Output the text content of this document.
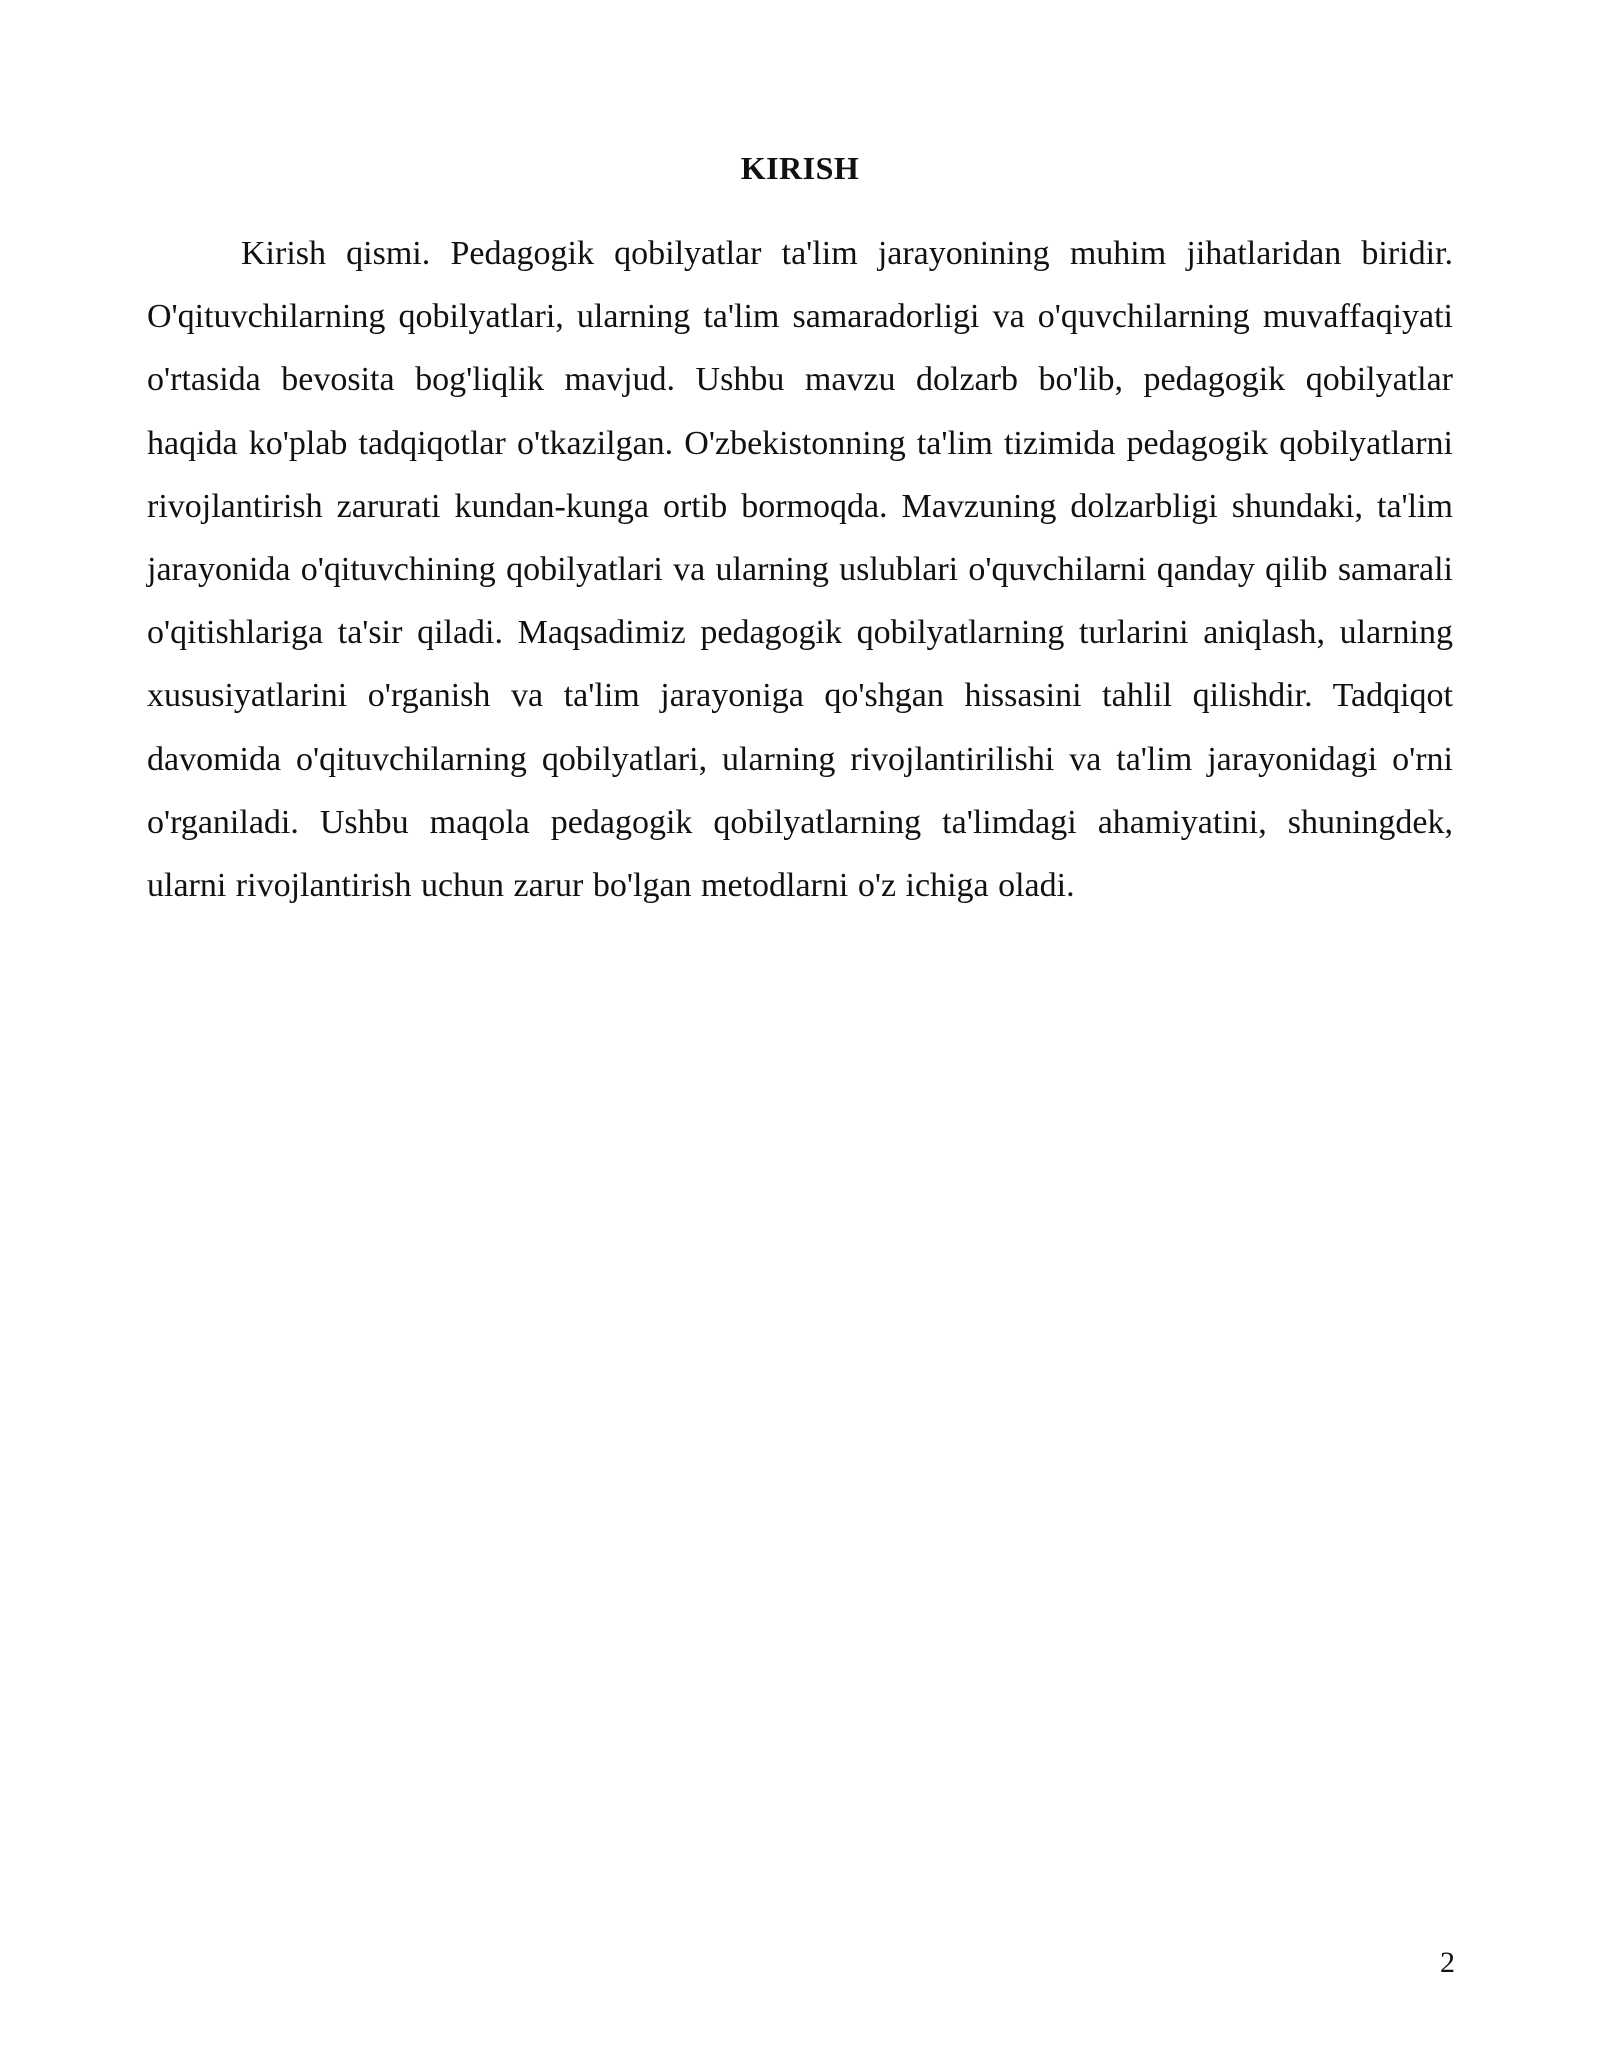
KIRISH

Kirish qismi. Pedagogik qobilyatlar ta'lim jarayonining muhim jihatlaridan biridir. O'qituvchilarning qobilyatlari, ularning ta'lim samaradorligi va o'quvchilarning muvaffaqiyati o'rtasida bevosita bog'liqlik mavjud. Ushbu mavzu dolzarb bo'lib, pedagogik qobilyatlar haqida ko'plab tadqiqotlar o'tkazilgan. O'zbekistonning ta'lim tizimida pedagogik qobilyatlarni rivojlantirish zarurati kundan-kunga ortib bormoqda. Mavzuning dolzarbligi shundaki, ta'lim jarayonida o'qituvchining qobilyatlari va ularning uslublari o'quvchilarni qanday qilib samarali o'qitishlariga ta'sir qiladi. Maqsadimiz pedagogik qobilyatlarning turlarini aniqlash, ularning xususiyatlarini o'rganish va ta'lim jarayoniga qo'shgan hissasini tahlil qilishdir. Tadqiqot davomida o'qituvchilarning qobilyatlari, ularning rivojlantirilishi va ta'lim jarayonidagi o'rni o'rganiladi. Ushbu maqola pedagogik qobilyatlarning ta'limdagi ahamiyatini, shuningdek, ularni rivojlantirish uchun zarur bo'lgan metodlarni o'z ichiga oladi.

2
